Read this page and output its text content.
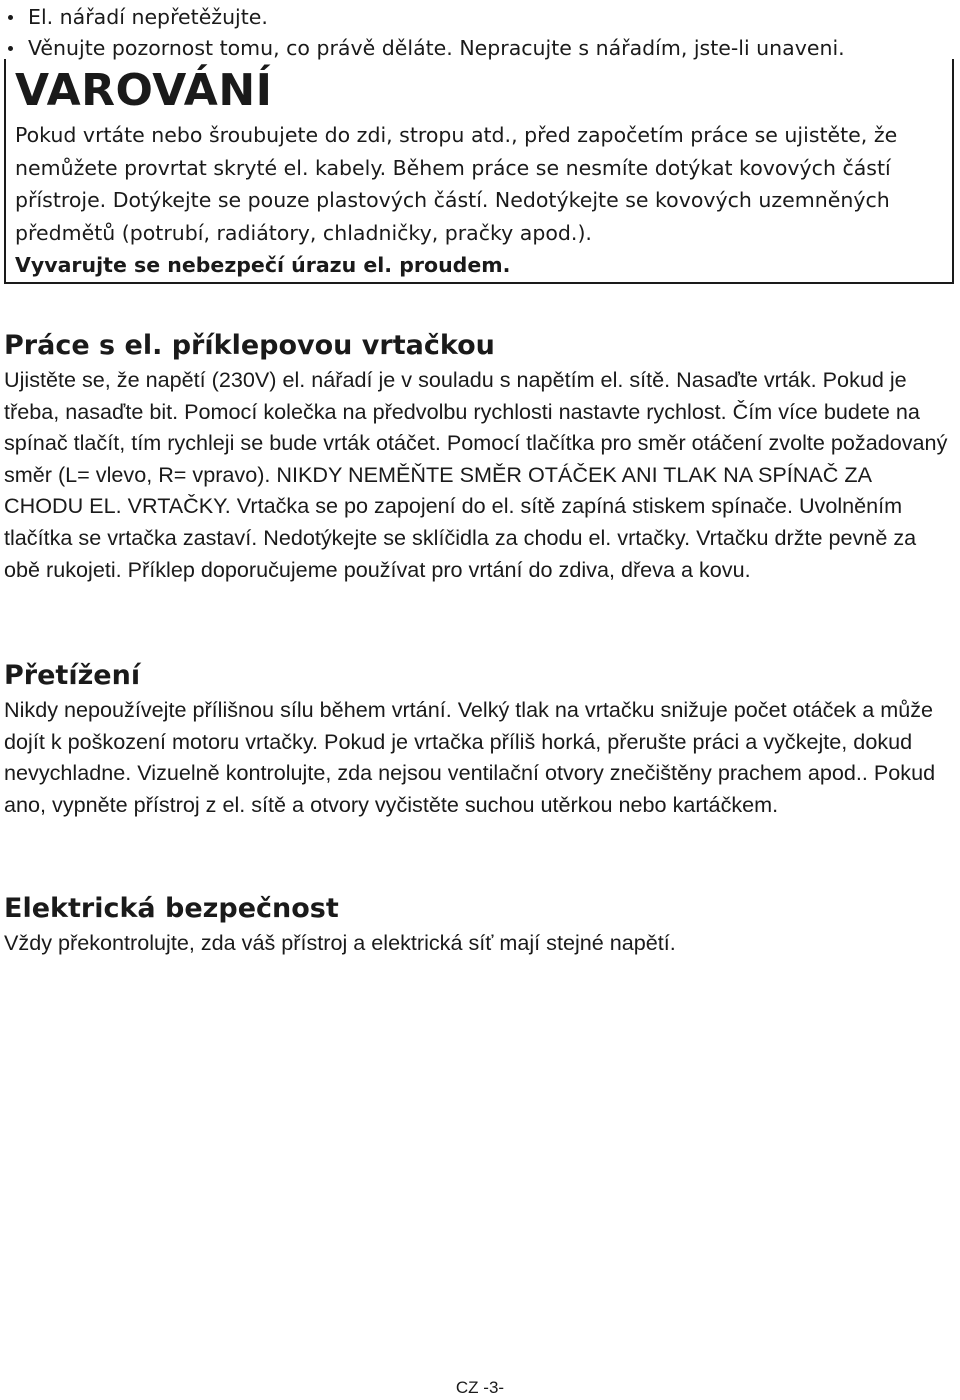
El. nářadí nepřetěžujte.
Věnujte pozornost tomu, co právě děláte. Nepracujte s nářadím, jste-li unaveni.
VAROVÁNÍ

Pokud vrtáte nebo šroubujete do zdi, stropu atd., před započetím práce se ujistěte, že nemůžete provrtat skryté el. kabely. Během práce se nesmíte dotýkat kovových částí přístroje. Dotýkejte se pouze plastových částí. Nedotýkejte se kovových uzemněných předmětů (potrubí, radiátory, chladničky, pračky apod.).

Vyvarujte se nebezpečí úrazu el. proudem.

Práce s el. příklepovou vrtačkou

Ujistěte se, že napětí (230V) el. nářadí je v souladu s napětím el. sítě. Nasaďte vrták. Pokud je třeba, nasaďte bit. Pomocí kolečka na předvolbu rychlosti nastavte rychlost. Čím více budete na spínač tlačít, tím rychleji se bude vrták otáčet. Pomocí tlačítka pro směr otáčení zvolte požadovaný směr (L= vlevo, R= vpravo). NIKDY NEMĚŇTE SMĚR OTÁČEK ANI TLAK NA SPÍNAČ ZA CHODU EL. VRTAČKY. Vrtačka se po zapojení do el. sítě zapíná stiskem spínače. Uvolněním tlačítka se vrtačka zastaví. Nedotýkejte se sklíčidla za chodu el. vrtačky. Vrtačku držte pevně za obě rukojeti. Příklep doporučujeme používat pro vrtání do zdiva, dřeva a kovu.

Přetížení

Nikdy nepoužívejte přílišnou sílu během vrtání. Velký tlak na vrtačku snižuje počet otáček a může dojít k poškození motoru vrtačky. Pokud je vrtačka příliš horká, přerušte práci a vyčkejte, dokud nevychladne. Vizuelně kontrolujte, zda nejsou ventilační otvory znečištěny prachem apod.. Pokud ano, vypněte přístroj z el. sítě a otvory vyčistěte suchou utěrkou nebo kartáčkem.

Elektrická bezpečnost

Vždy překontrolujte, zda váš přístroj a elektrická síť mají stejné napětí.

CZ -3-
